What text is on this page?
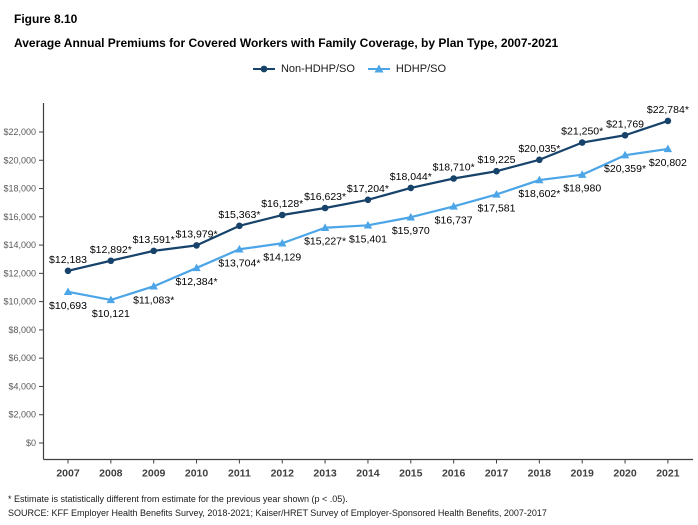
Figure 8.10
Average Annual Premiums for Covered Workers with Family Coverage, by Plan Type, 2007-2021
Non-HDHP/SO	HDHP/SO
$0
$2,000
$4,000
$6,000
$8,000
$10,000
$12,000
$14,000
$16,000
$18,000
$20,000
$22,000
2007 2008 2009 2010 2011 2012 2013 2014 2015 2016 2017 2018 2019 2020 2021
$12,183
$12,892*
$13,591* $13,979*
$15,363*
$16,128*
$16,623*
$17,204*
$18,044*
$18,710*
$19,225
$20,035*
$21,250*
$21,769
$22,784*
$10,693
$10,121
$11,083*
$12,384*
$13,704*
$14,129
$15,227* $15,401
$15,970
$16,737
$17,581
$18,602* $18,980
$20,359*
$20,802
* Estimate is statistically different from estimate for the previous year shown (p < .05).
SOURCE: KFF Employer Health Benefits Survey, 2018-2021; Kaiser/HRET Survey of Employer-Sponsored Health Benefits, 2007-2017
